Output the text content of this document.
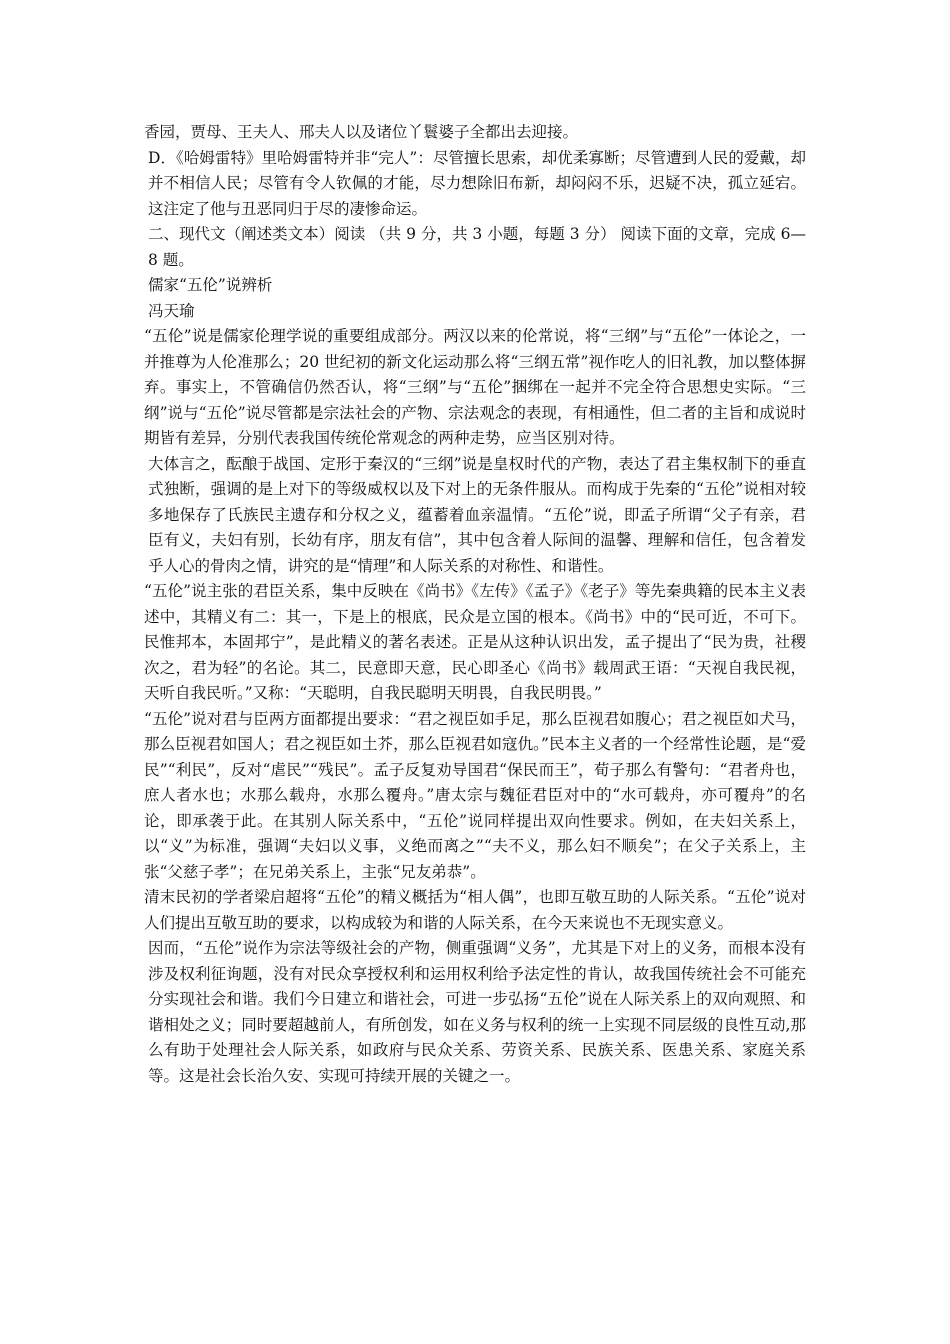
香园，贾母、王夫人、邢夫人以及诸位丫鬟婆子全都出去迎接。

D．《哈姆雷特》里哈姆雷特并非“完人”：尽管擅长思索，却优柔寡断；尽管遭到人民的爱戴，却并不相信人民；尽管有令人钦佩的才能，尽力想除旧布新，却闷闷不乐，迟疑不决，孤立延宕。这注定了他与丑恶同归于尽的凄惨命运。

二、现代文（阐述类文本）阅读 （共 9 分，共 3 小题，每题 3 分） 阅读下面的文章，完成 6—8 题。

儒家“五伦”说辨析

冯天瑜

“五伦”说是儒家伦理学说的重要组成部分。两汉以来的伦常说，将“三纲”与“五伦”一体论之，一并推尊为人伦准那么；20 世纪初的新文化运动那么将“三纲五常”视作吃人的旧礼教，加以整体摒弃。事实上，不管确信仍然否认，将“三纲”与“五伦”捆绑在一起并不完全符合思想史实际。“三纲”说与“五伦”说尽管都是宗法社会的产物、宗法观念的表现，有相通性，但二者的主旨和成说时期皆有差异，分别代表我国传统伦常观念的两种走势，应当区别对待。

大体言之，酝酿于战国、定形于秦汉的“三纲”说是皇权时代的产物，表达了君主集权制下的垂直式独断，强调的是上对下的等级威权以及下对上的无条件服从。而构成于先秦的“五伦”说相对较多地保存了氏族民主遗存和分权之义，蕴蓄着血亲温情。“五伦”说，即孟子所谓“父子有亲，君臣有义，夫妇有别，长幼有序，朋友有信”，其中包含着人际间的温馨、理解和信任，包含着发乎人心的骨肉之情，讲究的是“情理”和人际关系的对称性、和谐性。

“五伦”说主张的君臣关系，集中反映在《尚书》《左传》《孟子》《老子》等先秦典籍的民本主义表述中，其精义有二：其一，下是上的根底，民众是立国的根本。《尚书》中的“民可近，不可下。民惟邦本，本固邦宁”，是此精义的著名表述。正是从这种认识出发，孟子提出了“民为贵，社稷次之，君为轻”的名论。其二，民意即天意，民心即圣心《尚书》载周武王语：“天视自我民视，天听自我民听。”又称：“天聪明，自我民聪明天明畏，自我民明畏。”

“五伦”说对君与臣两方面都提出要求：“君之视臣如手足，那么臣视君如腹心；君之视臣如犬马，那么臣视君如国人；君之视臣如土芥，那么臣视君如寇仇。”民本主义者的一个经常性论题，是“爱民”“利民”，反对“虐民”“残民”。孟子反复劝导国君“保民而王”，荀子那么有警句：“君者舟也，庶人者水也；水那么载舟，水那么覆舟。”唐太宗与魏征君臣对中的“水可载舟，亦可覆舟”的名论，即承袭于此。在其别人际关系中，“五伦”说同样提出双向性要求。例如，在夫妇关系上，以“义”为标准，强调“夫妇以义事，义绝而离之”“夫不义，那么妇不顺矣”；在父子关系上，主张“父慈子孝”；在兄弟关系上，主张“兄友弟恭”。

清末民初的学者梁启超将“五伦”的精义概括为“相人偶”，也即互敬互助的人际关系。“五伦”说对人们提出互敬互助的要求，以构成较为和谐的人际关系，在今天来说也不无现实意义。

因而，“五伦”说作为宗法等级社会的产物，侧重强调“义务”，尤其是下对上的义务，而根本没有涉及权利征询题，没有对民众享授权利和运用权利给予法定性的肯认，故我国传统社会不可能充分实现社会和谐。我们今日建立和谐社会，可进一步弘扬“五伦”说在人际关系上的双向观照、和谐相处之义；同时要超越前人，有所创发，如在义务与权利的统一上实现不同层级的良性互动,那么有助于处理社会人际关系，如政府与民众关系、劳资关系、民族关系、医患关系、家庭关系等。这是社会长治久安、实现可持续开展的关键之一。
